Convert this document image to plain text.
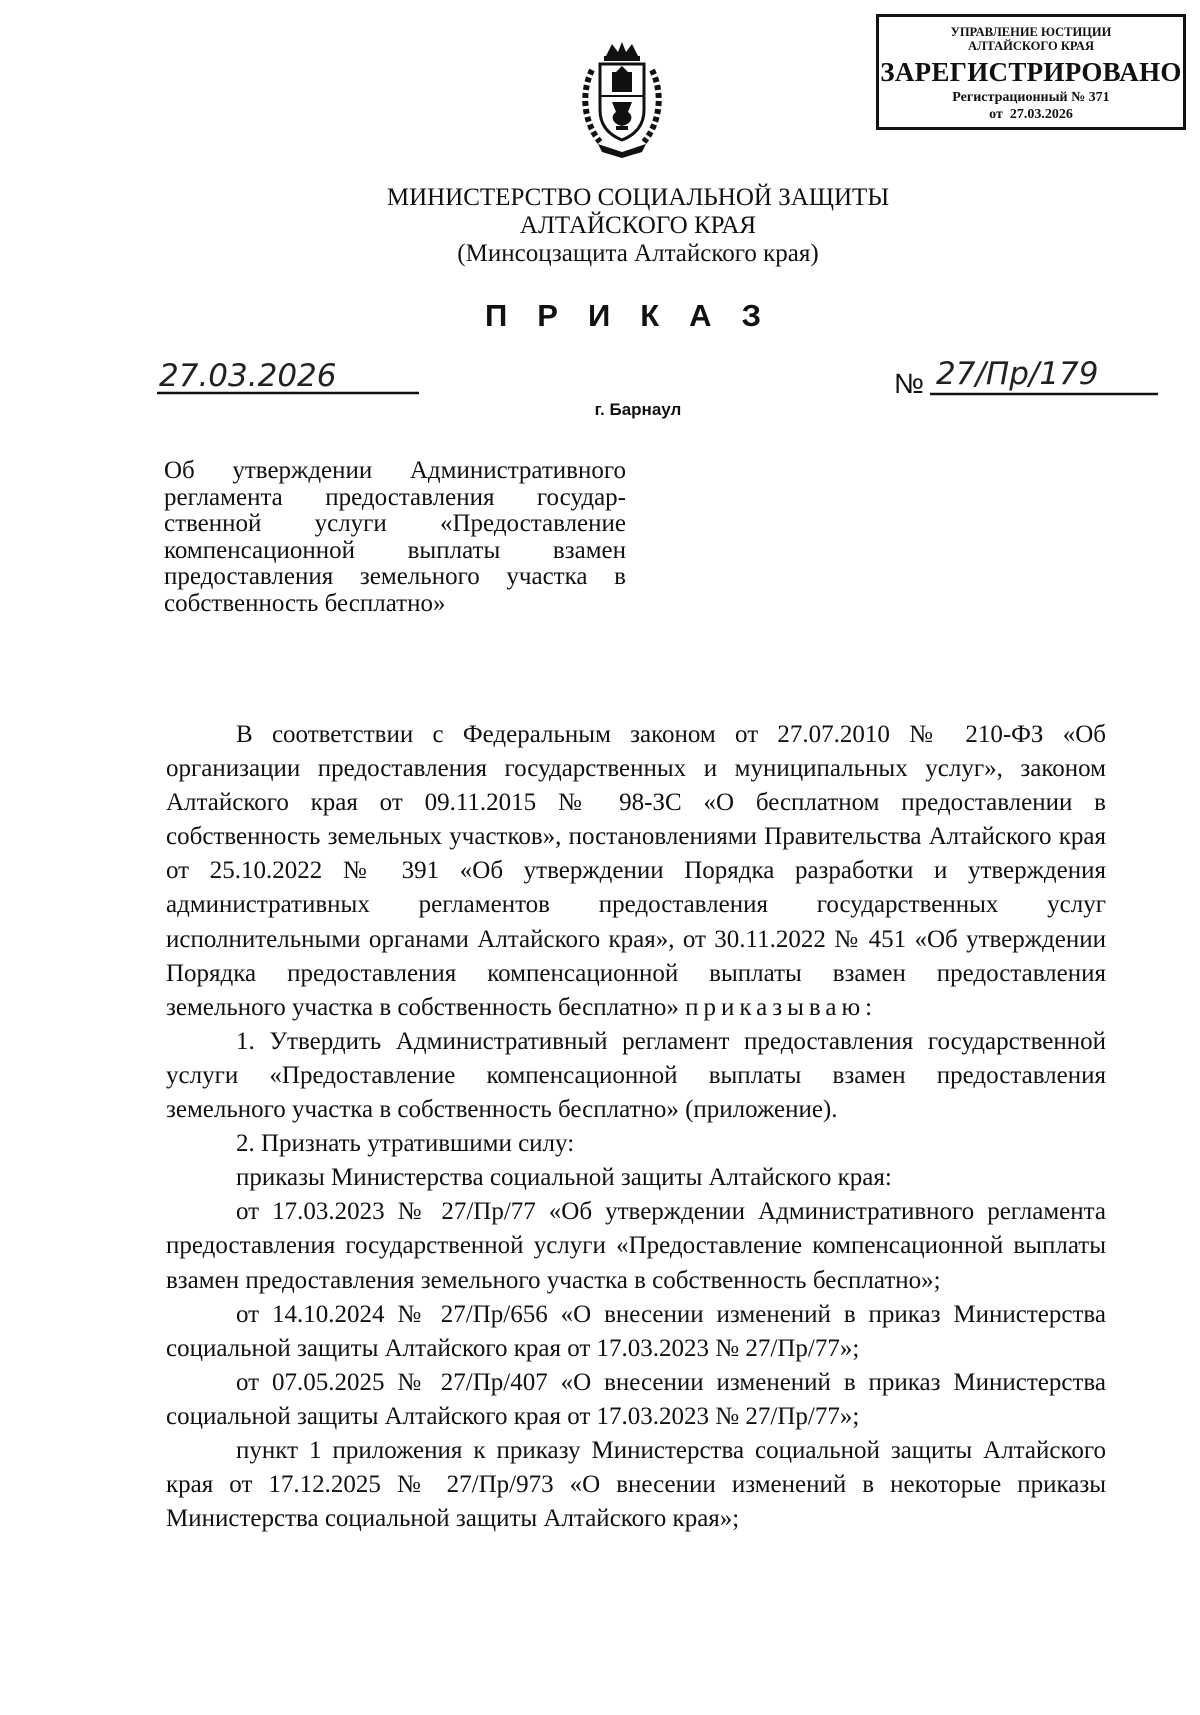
УПРАВЛЕНИЕ ЮСТИЦИИ
АЛТАЙСКОГО КРАЯ
ЗАРЕГИСТРИРОВАНО
Регистрационный № 371
от  27.03.2026
МИНИСТЕРСТВО СОЦИАЛЬНОЙ ЗАЩИТЫ
АЛТАЙСКОГО КРАЯ
(Минсоцзащита Алтайского края)
ПРИКАЗ
27.03.2026	№ 27/Пр/179
г. Барнаул
Об утверждении Административного
регламента предоставления государ-
ственной услуги «Предоставление
компенсационной выплаты взамен
предоставления земельного участка в
собственность бесплатно»

В соответствии с Федеральным законом от 27.07.2010 № 210-ФЗ «Об организации предоставления государственных и муниципальных услуг», законом Алтайского края от 09.11.2015 № 98-ЗС «О бесплатном предоставлении в собственность земельных участков», постановлениями Правительства Алтайского края от 25.10.2022 № 391 «Об утверждении Порядка разработки и утверждения административных регламентов предоставления государственных услуг исполнительными органами Алтайского края», от 30.11.2022 № 451 «Об утверждении Порядка предоставления компенсационной выплаты взамен предоставления земельного участка в собственность бесплатно» приказываю:

1. Утвердить Административный регламент предоставления государственной услуги «Предоставление компенсационной выплаты взамен предоставления земельного участка в собственность бесплатно» (приложение).

2. Признать утратившими силу:

приказы Министерства социальной защиты Алтайского края:

от 17.03.2023 № 27/Пр/77 «Об утверждении Административного регламента предоставления государственной услуги «Предоставление компенсационной выплаты взамен предоставления земельного участка в собственность бесплатно»;

от 14.10.2024 № 27/Пр/656 «О внесении изменений в приказ Министерства социальной защиты Алтайского края от 17.03.2023 № 27/Пр/77»;

от 07.05.2025 № 27/Пр/407 «О внесении изменений в приказ Министерства социальной защиты Алтайского края от 17.03.2023 № 27/Пр/77»;

пункт 1 приложения к приказу Министерства социальной защиты Алтайского края от 17.12.2025 № 27/Пр/973 «О внесении изменений в некоторые приказы Министерства социальной защиты Алтайского края»;
